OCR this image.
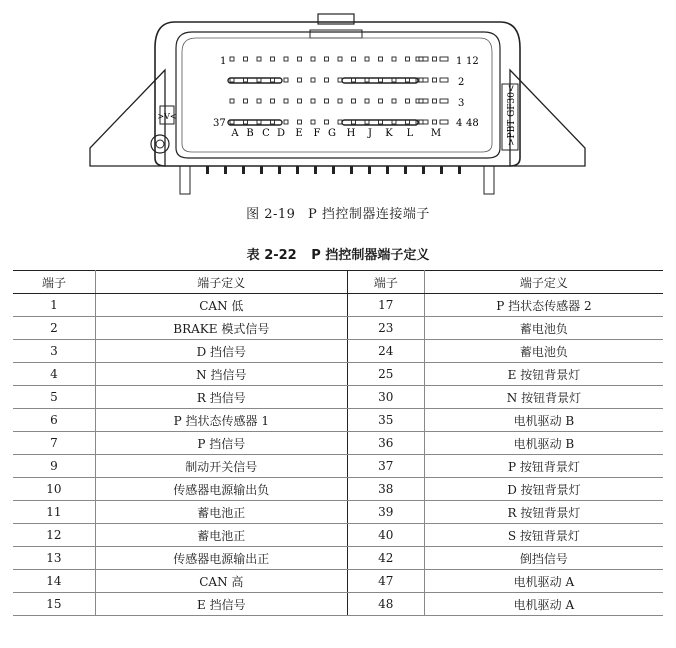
>V<	>PBT GF30<
1
37
1 12
2
3
4 48
A B C D E F G H J K L M
图 2-19 P 挡控制器连接端子
表 2-22 P 挡控制器端子定义
端子	端子定义	端子	端子定义
1	CAN 低	17	P 挡状态传感器 2
2	BRAKE 模式信号	23	蓄电池负
3	D 挡信号	24	蓄电池负
4	N 挡信号	25	E 按钮背景灯
5	R 挡信号	30	N 按钮背景灯
6	P 挡状态传感器 1	35	电机驱动 B
7	P 挡信号	36	电机驱动 B
9	制动开关信号	37	P 按钮背景灯
10	传感器电源输出负	38	D 按钮背景灯
11	蓄电池正	39	R 按钮背景灯
12	蓄电池正	40	S 按钮背景灯
13	传感器电源输出正	42	倒挡信号
14	CAN 高	47	电机驱动 A
15	E 挡信号	48	电机驱动 A
